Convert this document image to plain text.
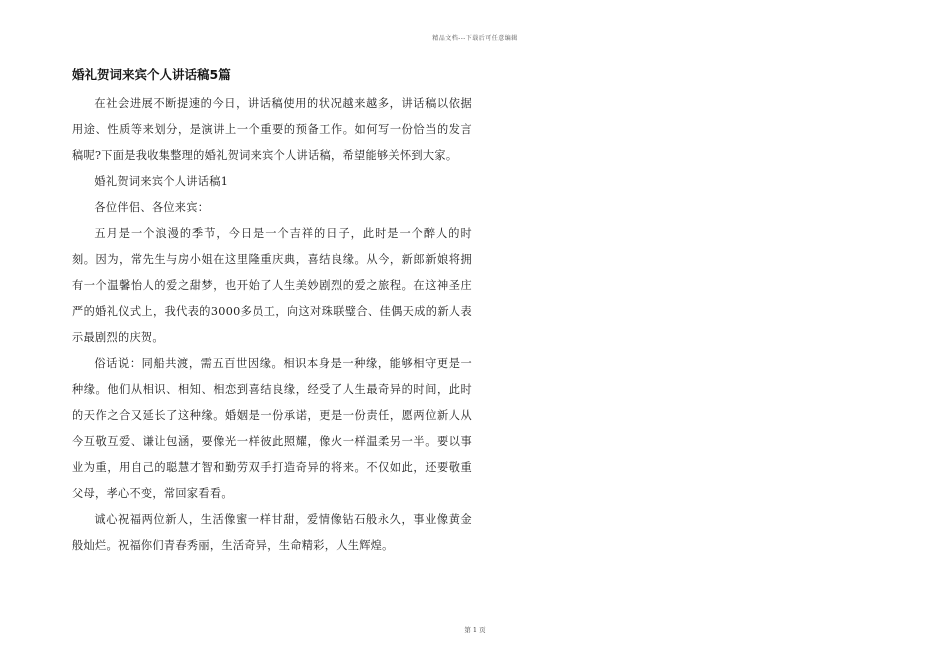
精品文档---下载后可任意编辑
婚礼贺词来宾个人讲话稿5篇

在社会进展不断提速的今日，讲话稿使用的状况越来越多，讲话稿以依据用途、性质等来划分，是演讲上一个重要的预备工作。如何写一份恰当的发言稿呢?下面是我收集整理的婚礼贺词来宾个人讲话稿，希望能够关怀到大家。

婚礼贺词来宾个人讲话稿1

各位伴侣、各位来宾：

五月是一个浪漫的季节，今日是一个吉祥的日子，此时是一个醉人的时刻。因为，常先生与房小姐在这里隆重庆典，喜结良缘。从今，新郎新娘将拥有一个温馨怡人的爱之甜梦，也开始了人生美妙剧烈的爱之旅程。在这神圣庄严的婚礼仪式上，我代表的3000多员工，向这对珠联璧合、佳偶天成的新人表示最剧烈的庆贺。

俗话说：同船共渡，需五百世因缘。相识本身是一种缘，能够相守更是一种缘。他们从相识、相知、相恋到喜结良缘，经受了人生最奇异的时间，此时的天作之合又延长了这种缘。婚姻是一份承诺，更是一份责任，愿两位新人从今互敬互爱、谦让包涵，要像光一样彼此照耀，像火一样温柔另一半。要以事业为重，用自己的聪慧才智和勤劳双手打造奇异的将来。不仅如此，还要敬重父母，孝心不变，常回家看看。

诚心祝福两位新人，生活像蜜一样甘甜，爱情像钻石般永久，事业像黄金般灿烂。祝福你们青春秀丽，生活奇异，生命精彩，人生辉煌。

第 1 页
